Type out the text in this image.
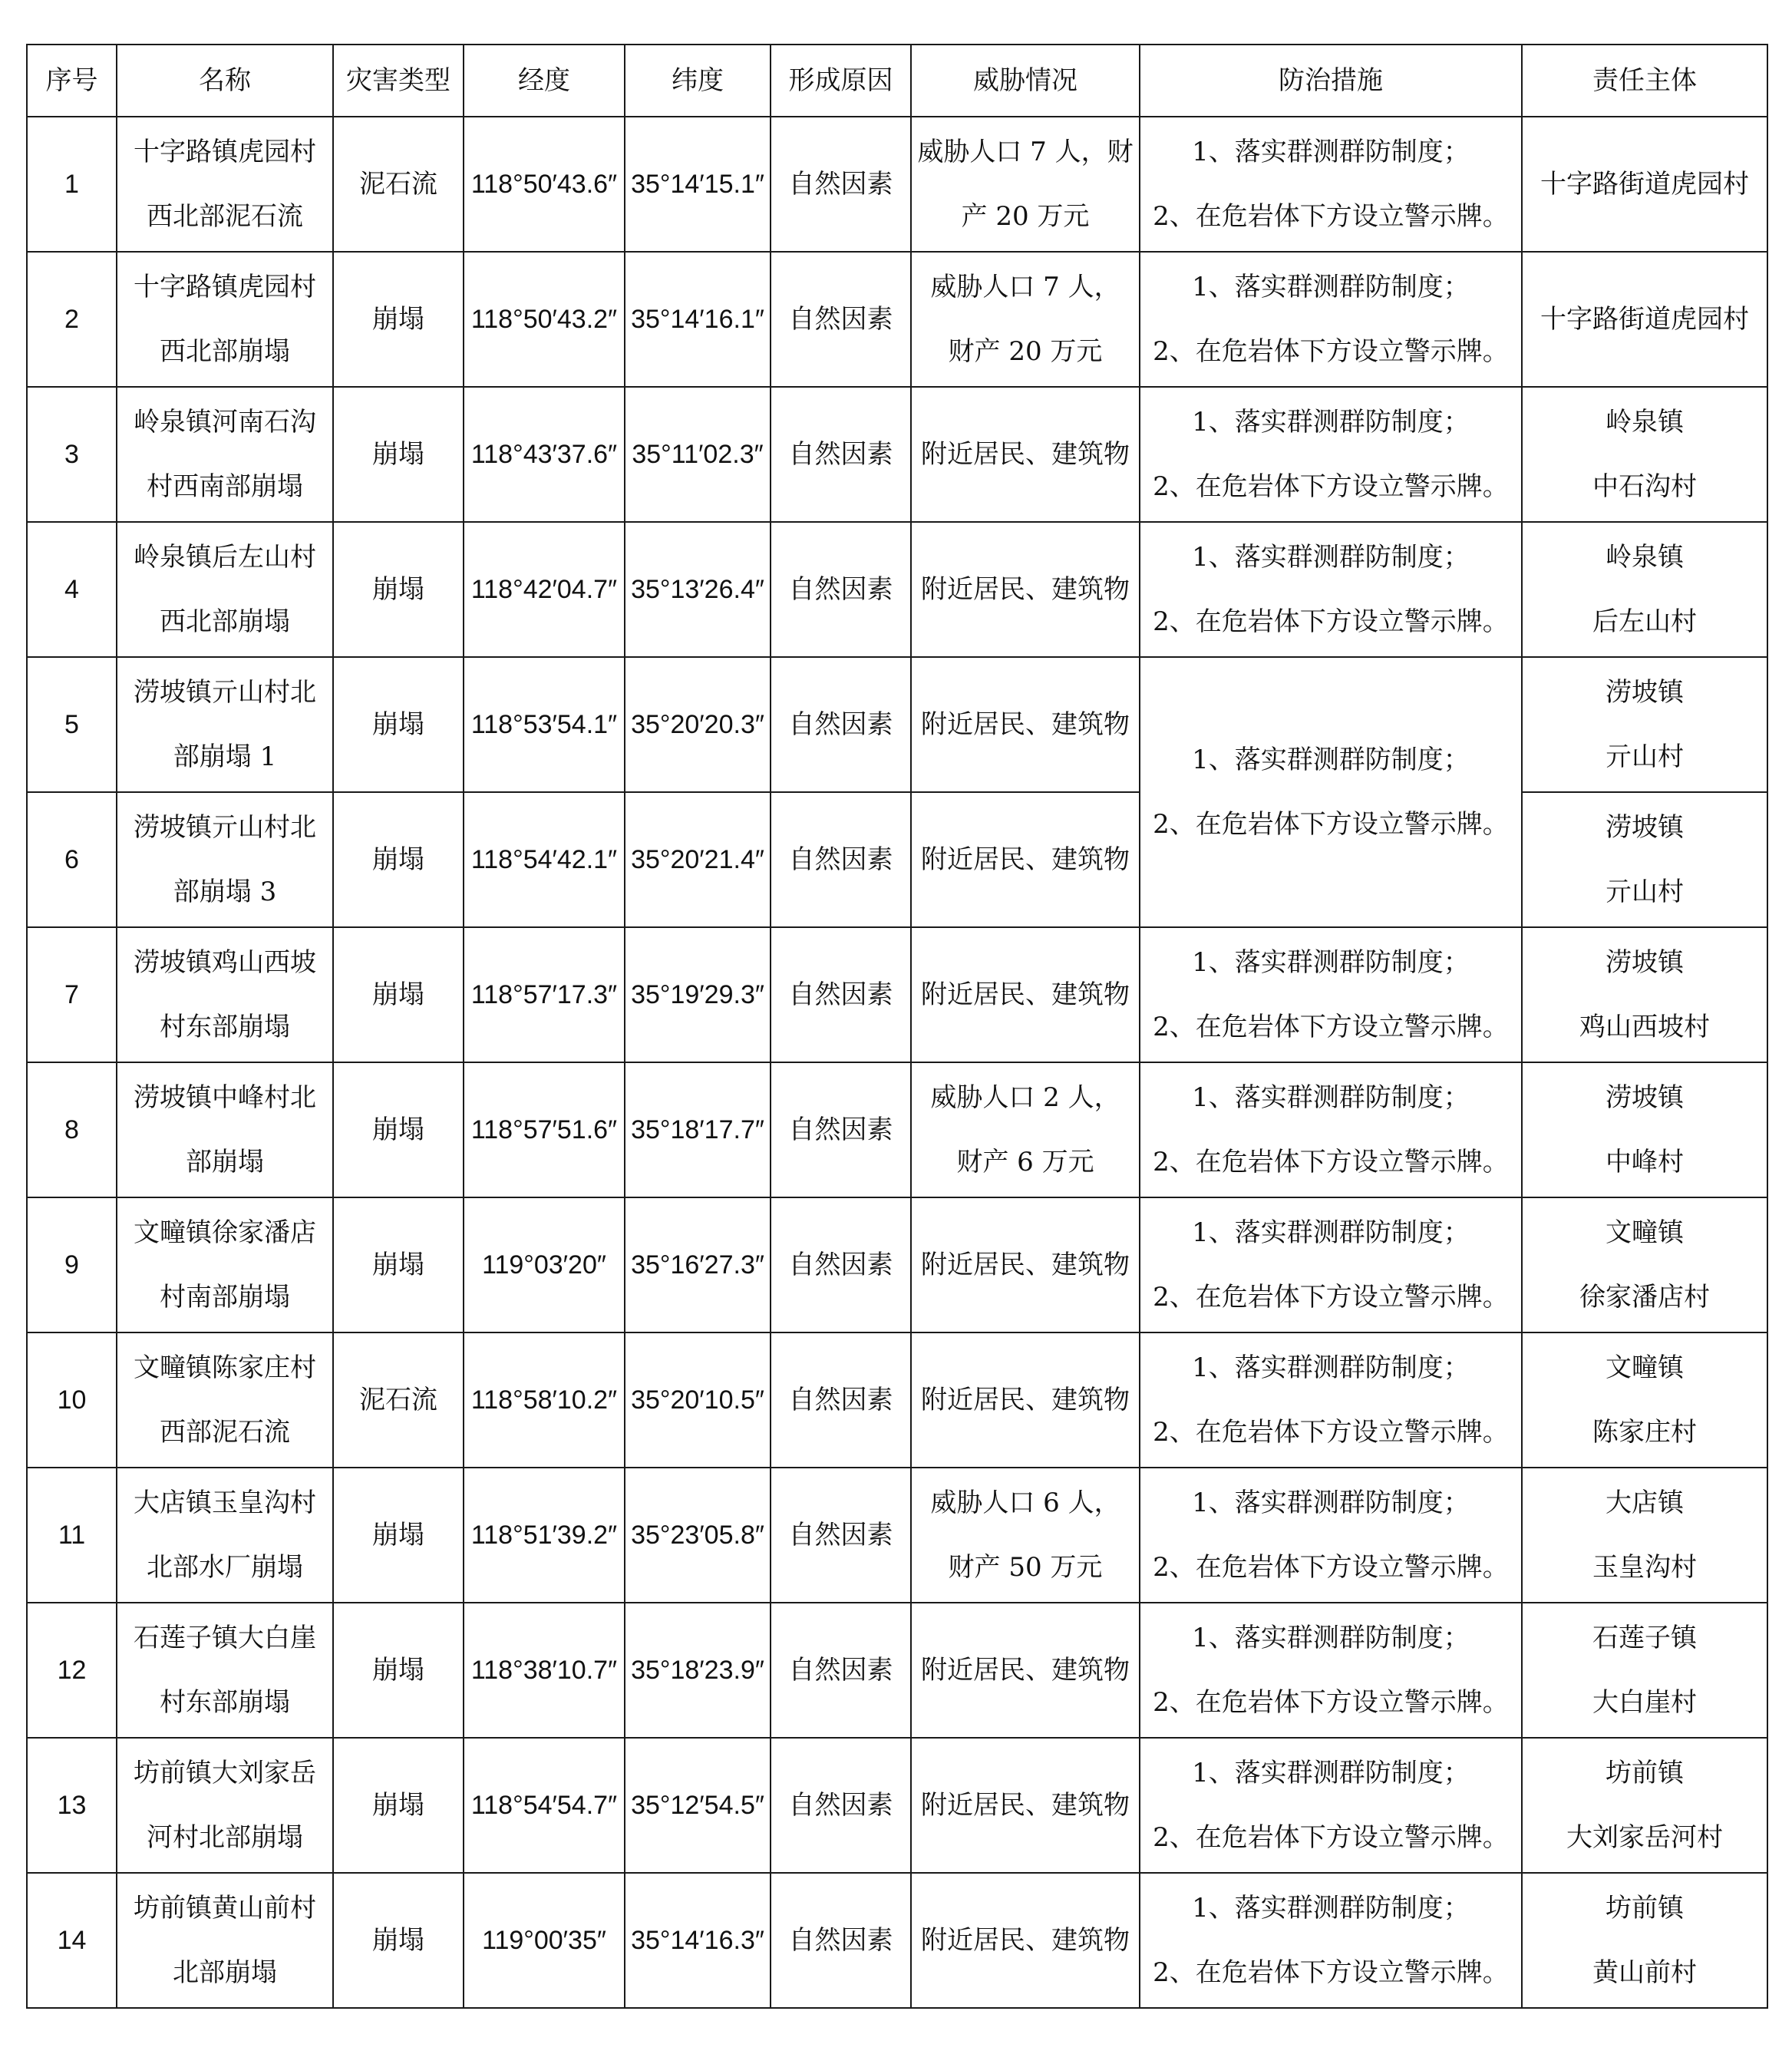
序号	名称	灾害类型	经度	纬度	形成原因	威胁情况	防治措施	责任主体
1	十字路镇虎园村
西北部泥石流	泥石流	118°50′43.6″	35°14′15.1″	自然因素	威胁人口 7 人，财
产 20 万元	1、落实群测群防制度；
2、在危岩体下方设立警示牌。	十字路街道虎园村

2	十字路镇虎园村
西北部崩塌	崩塌	118°50′43.2″	35°14′16.1″	自然因素	威胁人口 7 人，
财产 20 万元	1、落实群测群防制度；
2、在危岩体下方设立警示牌。	十字路街道虎园村

3	岭泉镇河南石沟
村西南部崩塌	崩塌	118°43′37.6″	35°11′02.3″	自然因素	附近居民、建筑物	1、落实群测群防制度；
2、在危岩体下方设立警示牌。	岭泉镇
中石沟村

4	岭泉镇后左山村
西北部崩塌	崩塌	118°42′04.7″	35°13′26.4″	自然因素	附近居民、建筑物	1、落实群测群防制度；
2、在危岩体下方设立警示牌。	岭泉镇
后左山村

5	涝坡镇亓山村北
部崩塌 1	崩塌	118°53′54.1″	35°20′20.3″	自然因素	附近居民、建筑物	1、落实群测群防制度；
2、在危岩体下方设立警示牌。	涝坡镇
亓山村

6	涝坡镇亓山村北
部崩塌 3	崩塌	118°54′42.1″	35°20′21.4″	自然因素	附近居民、建筑物		涝坡镇
亓山村

7	涝坡镇鸡山西坡
村东部崩塌	崩塌	118°57′17.3″	35°19′29.3″	自然因素	附近居民、建筑物	1、落实群测群防制度；
2、在危岩体下方设立警示牌。	涝坡镇
鸡山西坡村

8	涝坡镇中峰村北
部崩塌	崩塌	118°57′51.6″	35°18′17.7″	自然因素	威胁人口 2 人，
财产 6 万元	1、落实群测群防制度；
2、在危岩体下方设立警示牌。	涝坡镇
中峰村

9	文疃镇徐家潘店
村南部崩塌	崩塌	119°03′20″	35°16′27.3″	自然因素	附近居民、建筑物	1、落实群测群防制度；
2、在危岩体下方设立警示牌。	文疃镇
徐家潘店村

10	文疃镇陈家庄村
西部泥石流	泥石流	118°58′10.2″	35°20′10.5″	自然因素	附近居民、建筑物	1、落实群测群防制度；
2、在危岩体下方设立警示牌。	文疃镇
陈家庄村

11	大店镇玉皇沟村
北部水厂崩塌	崩塌	118°51′39.2″	35°23′05.8″	自然因素	威胁人口 6 人，
财产 50 万元	1、落实群测群防制度；
2、在危岩体下方设立警示牌。	大店镇
玉皇沟村

12	石莲子镇大白崖
村东部崩塌	崩塌	118°38′10.7″	35°18′23.9″	自然因素	附近居民、建筑物	1、落实群测群防制度；
2、在危岩体下方设立警示牌。	石莲子镇
大白崖村

13	坊前镇大刘家岳
河村北部崩塌	崩塌	118°54′54.7″	35°12′54.5″	自然因素	附近居民、建筑物	1、落实群测群防制度；
2、在危岩体下方设立警示牌。	坊前镇
大刘家岳河村

14	坊前镇黄山前村
北部崩塌	崩塌	119°00′35″	35°14′16.3″	自然因素	附近居民、建筑物	1、落实群测群防制度；
2、在危岩体下方设立警示牌。	坊前镇
黄山前村
